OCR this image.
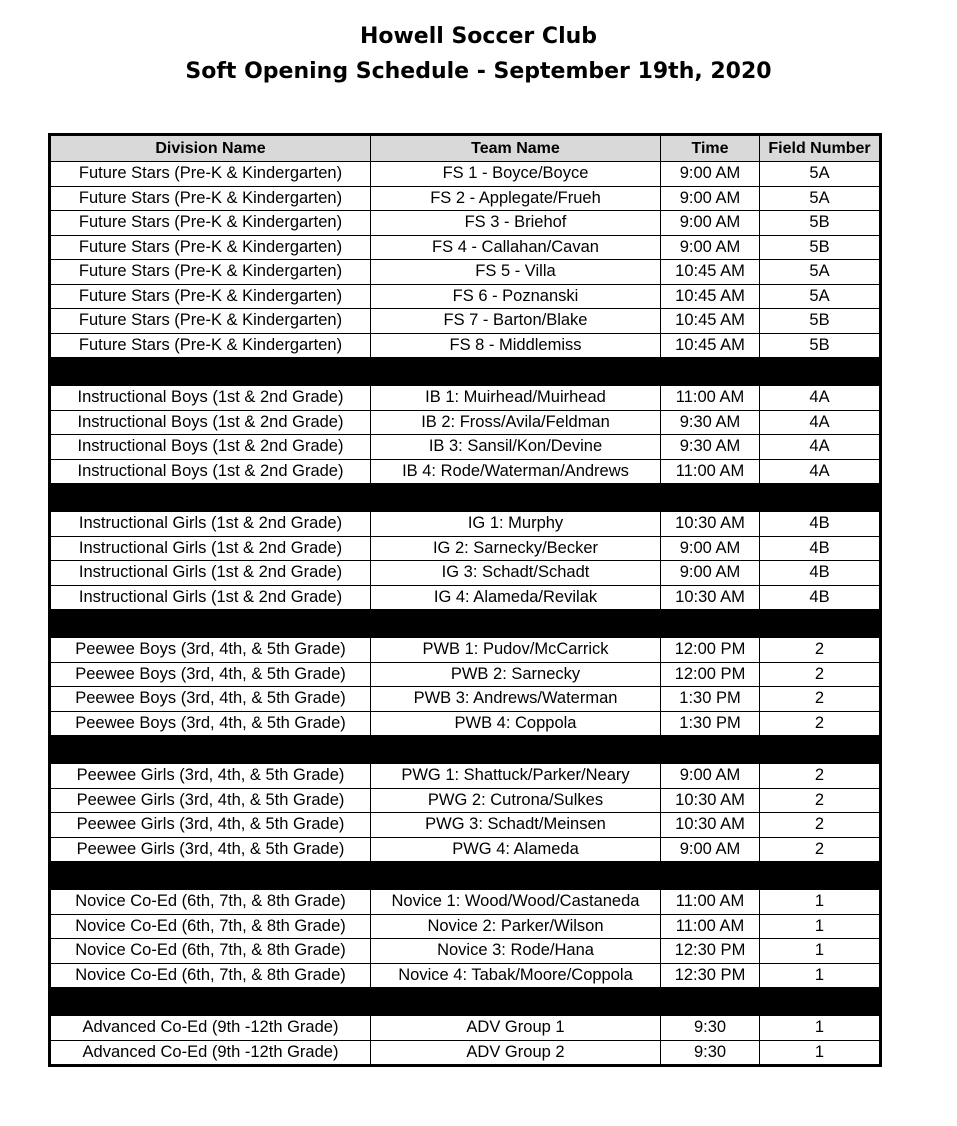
Howell Soccer Club
Soft Opening Schedule - September 19th, 2020
Division Name	Team Name	Time	Field Number
Future Stars (Pre-K & Kindergarten)	FS 1 - Boyce/Boyce	9:00 AM	5A
Future Stars (Pre-K & Kindergarten)	FS 2 - Applegate/Frueh	9:00 AM	5A
Future Stars (Pre-K & Kindergarten)	FS 3 - Briehof	9:00 AM	5B
Future Stars (Pre-K & Kindergarten)	FS 4 - Callahan/Cavan	9:00 AM	5B
Future Stars (Pre-K & Kindergarten)	FS 5 - Villa	10:45 AM	5A
Future Stars (Pre-K & Kindergarten)	FS 6 - Poznanski	10:45 AM	5A
Future Stars (Pre-K & Kindergarten)	FS 7 - Barton/Blake	10:45 AM	5B
Future Stars (Pre-K & Kindergarten)	FS 8 - Middlemiss	10:45 AM	5B

Instructional Boys (1st & 2nd Grade)	IB 1: Muirhead/Muirhead	11:00 AM	4A
Instructional Boys (1st & 2nd Grade)	IB 2: Fross/Avila/Feldman	9:30 AM	4A
Instructional Boys (1st & 2nd Grade)	IB 3: Sansil/Kon/Devine	9:30 AM	4A
Instructional Boys (1st & 2nd Grade)	IB 4: Rode/Waterman/Andrews	11:00 AM	4A

Instructional Girls (1st & 2nd Grade)	IG 1: Murphy	10:30 AM	4B
Instructional Girls (1st & 2nd Grade)	IG 2: Sarnecky/Becker	9:00 AM	4B
Instructional Girls (1st & 2nd Grade)	IG 3: Schadt/Schadt	9:00 AM	4B
Instructional Girls (1st & 2nd Grade)	IG 4: Alameda/Revilak	10:30 AM	4B

Peewee Boys (3rd, 4th, & 5th Grade)	PWB 1: Pudov/McCarrick	12:00 PM	2
Peewee Boys (3rd, 4th, & 5th Grade)	PWB 2: Sarnecky	12:00 PM	2
Peewee Boys (3rd, 4th, & 5th Grade)	PWB 3: Andrews/Waterman	1:30 PM	2
Peewee Boys (3rd, 4th, & 5th Grade)	PWB 4: Coppola	1:30 PM	2

Peewee Girls (3rd, 4th, & 5th Grade)	PWG 1: Shattuck/Parker/Neary	9:00 AM	2
Peewee Girls (3rd, 4th, & 5th Grade)	PWG 2: Cutrona/Sulkes	10:30 AM	2
Peewee Girls (3rd, 4th, & 5th Grade)	PWG 3: Schadt/Meinsen	10:30 AM	2
Peewee Girls (3rd, 4th, & 5th Grade)	PWG 4: Alameda	9:00 AM	2

Novice Co-Ed (6th, 7th, & 8th Grade)	Novice 1: Wood/Wood/Castaneda	11:00 AM	1
Novice Co-Ed (6th, 7th, & 8th Grade)	Novice 2: Parker/Wilson	11:00 AM	1
Novice Co-Ed (6th, 7th, & 8th Grade)	Novice 3: Rode/Hana	12:30 PM	1
Novice Co-Ed (6th, 7th, & 8th Grade)	Novice 4: Tabak/Moore/Coppola	12:30 PM	1

Advanced Co-Ed (9th -12th Grade)	ADV Group 1	9:30	1
Advanced Co-Ed (9th -12th Grade)	ADV Group 2	9:30	1
